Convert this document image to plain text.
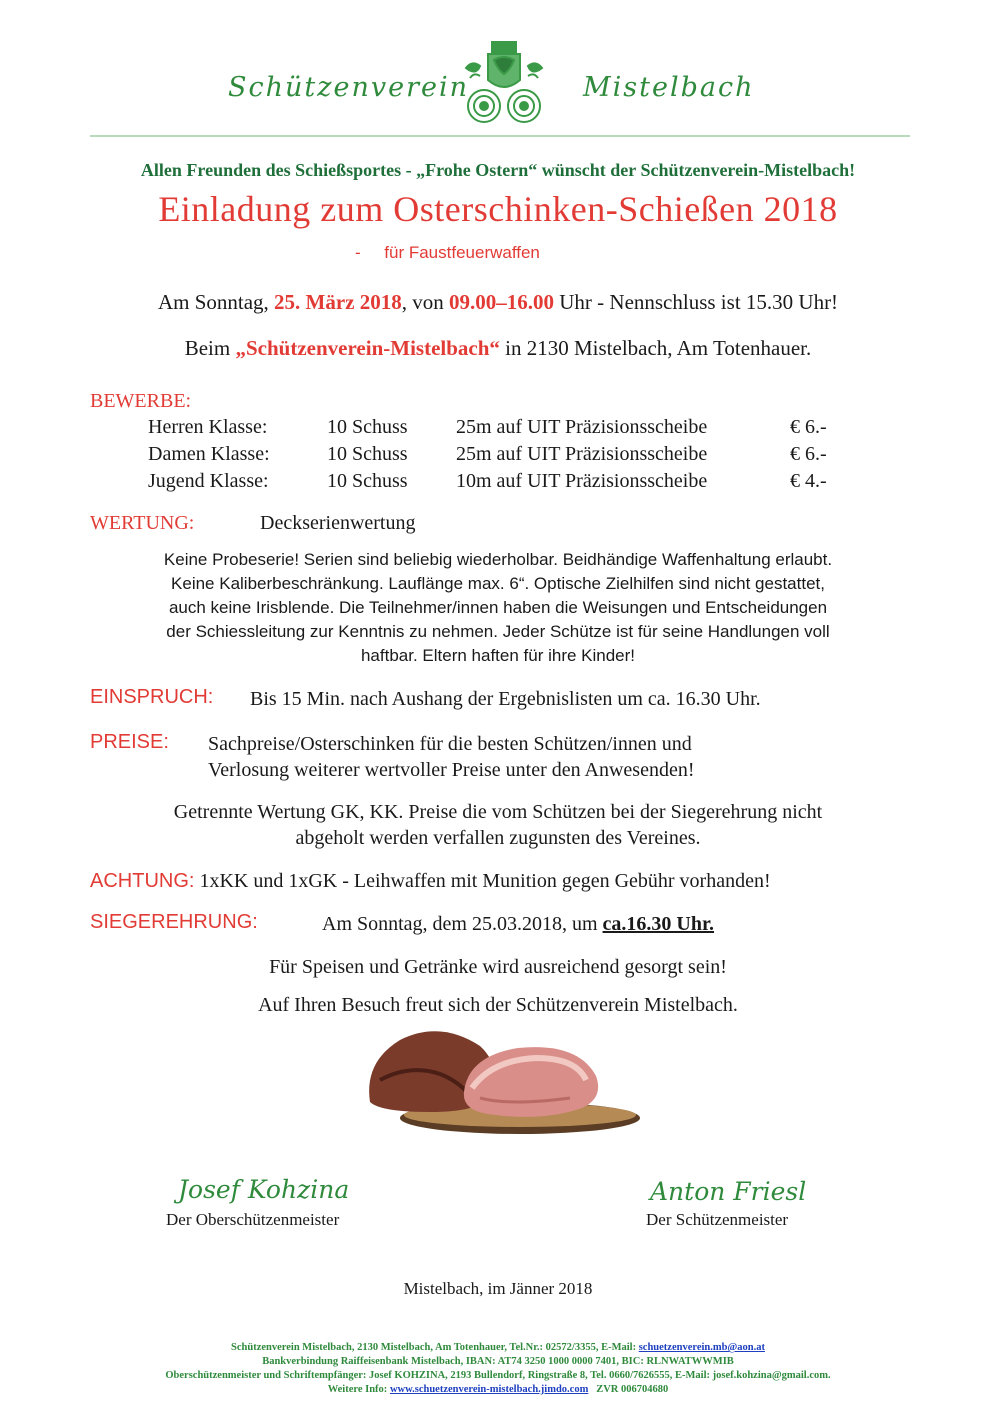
Schützenverein	Mistelbach
Allen Freunden des Schießsportes - „Frohe Ostern“ wünscht der Schützenverein-Mistelbach!
Einladung zum Osterschinken-Schießen 2018
-     für Faustfeuerwaffen
Am Sonntag, 25. März 2018, von 09.00–16.00 Uhr - Nennschluss ist 15.30 Uhr!
Beim „Schützenverein-Mistelbach“ in 2130 Mistelbach, Am Totenhauer.
BEWERBE:
Herren Klasse:	10 Schuss 25m auf UIT Präzisionsscheibe	€ 6.-
Damen Klasse:	10 Schuss 25m auf UIT Präzisionsscheibe	€ 6.-
Jugend Klasse:	10 Schuss 10m auf UIT Präzisionsscheibe	€ 4.-
WERTUNG:	Deckserienwertung
Keine Probeserie! Serien sind beliebig wiederholbar. Beidhändige Waffenhaltung erlaubt.
Keine Kaliberbeschränkung. Lauflänge max. 6“. Optische Zielhilfen sind nicht gestattet,
auch keine Irisblende. Die Teilnehmer/innen haben die Weisungen und Entscheidungen
der Schiessleitung zur Kenntnis zu nehmen. Jeder Schütze ist für seine Handlungen voll
haftbar. Eltern haften für ihre Kinder!
EINSPRUCH: Bis 15 Min. nach Aushang der Ergebnislisten um ca. 16.30 Uhr.
PREISE: Sachpreise/Osterschinken für die besten Schützen/innen und
Verlosung weiterer wertvoller Preise unter den Anwesenden!
Getrennte Wertung GK, KK. Preise die vom Schützen bei der Siegerehrung nicht
abgeholt werden verfallen zugunsten des Vereines.
ACHTUNG: 1xKK und 1xGK - Leihwaffen mit Munition gegen Gebühr vorhanden!
SIEGEREHRUNG:	Am Sonntag, dem 25.03.2018, um ca.16.30 Uhr.
Für Speisen und Getränke wird ausreichend gesorgt sein!
Auf Ihren Besuch freut sich der Schützenverein Mistelbach.
Josef Kohzina
Der Oberschützenmeister
Anton Friesl
Der Schützenmeister
Mistelbach, im Jänner 2018
Schützenverein Mistelbach, 2130 Mistelbach, Am Totenhauer, Tel.Nr.: 02572/3355, E-Mail: schuetzenverein.mb@aon.at
Bankverbindung Raiffeisenbank Mistelbach, IBAN: AT74 3250 1000 0000 7401, BIC: RLNWATWWMIB
Oberschützenmeister und Schriftempfänger: Josef KOHZINA, 2193 Bullendorf, Ringstraße 8, Tel. 0660/7626555, E-Mail: josef.kohzina@gmail.com.
Weitere Info: www.schuetzenverein-mistelbach.jimdo.com   ZVR 006704680
